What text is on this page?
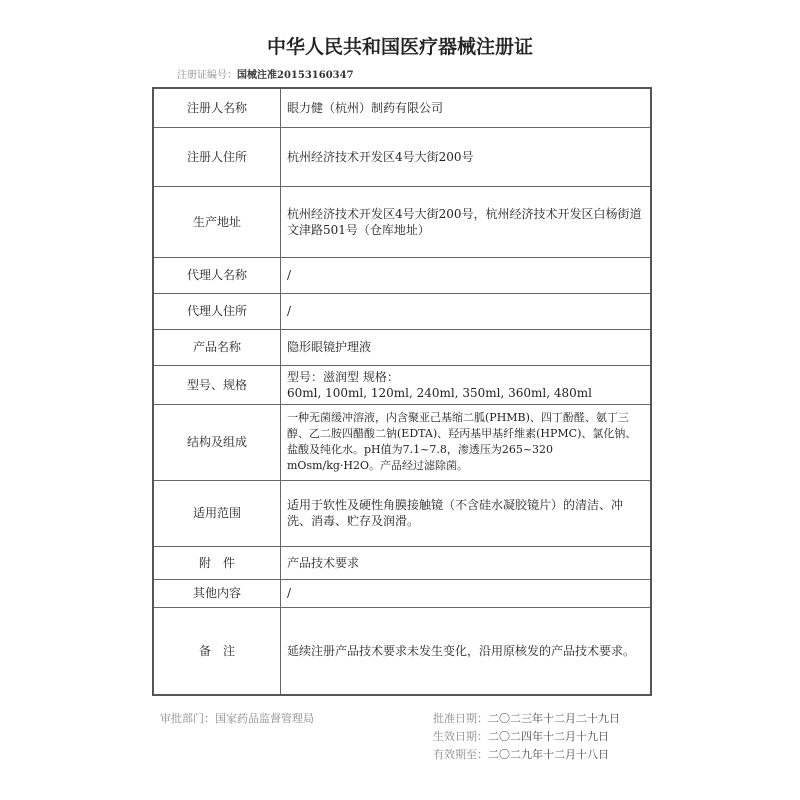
中华人民共和国医疗器械注册证
注册证编号：国械注准20153160347
注册人名称	眼力健（杭州）制药有限公司
注册人住所	杭州经济技术开发区4号大街200号
生产地址	杭州经济技术开发区4号大街200号，杭州经济技术开发区白杨街道文津路501号（仓库地址）
代理人名称	/
代理人住所	/
产品名称	隐形眼镜护理液
型号、规格	型号：滋润型 规格：
60ml, 100ml, 120ml, 240ml, 350ml, 360ml, 480ml
结构及组成	一种无菌缓冲溶液，内含聚亚己基缩二胍(PHMB)、四丁酚醛、氨丁三醇、乙二胺四醋酸二钠(EDTA)、羟丙基甲基纤维素(HPMC)、氯化钠、盐酸及纯化水。pH值为7.1~7.8，渗透压为265~320 mOsm/kg·H2O。产品经过滤除菌。
适用范围	适用于软性及硬性角膜接触镜（不含硅水凝胶镜片）的清洁、冲洗、消毒、贮存及润滑。
附　件	产品技术要求
其他内容	/
备　注	延续注册产品技术要求未发生变化，沿用原核发的产品技术要求。
审批部门：国家药品监督管理局	批准日期：二〇二三年十二月二十九日
生效日期：二〇二四年十二月十九日
有效期至：二〇二九年十二月十八日
